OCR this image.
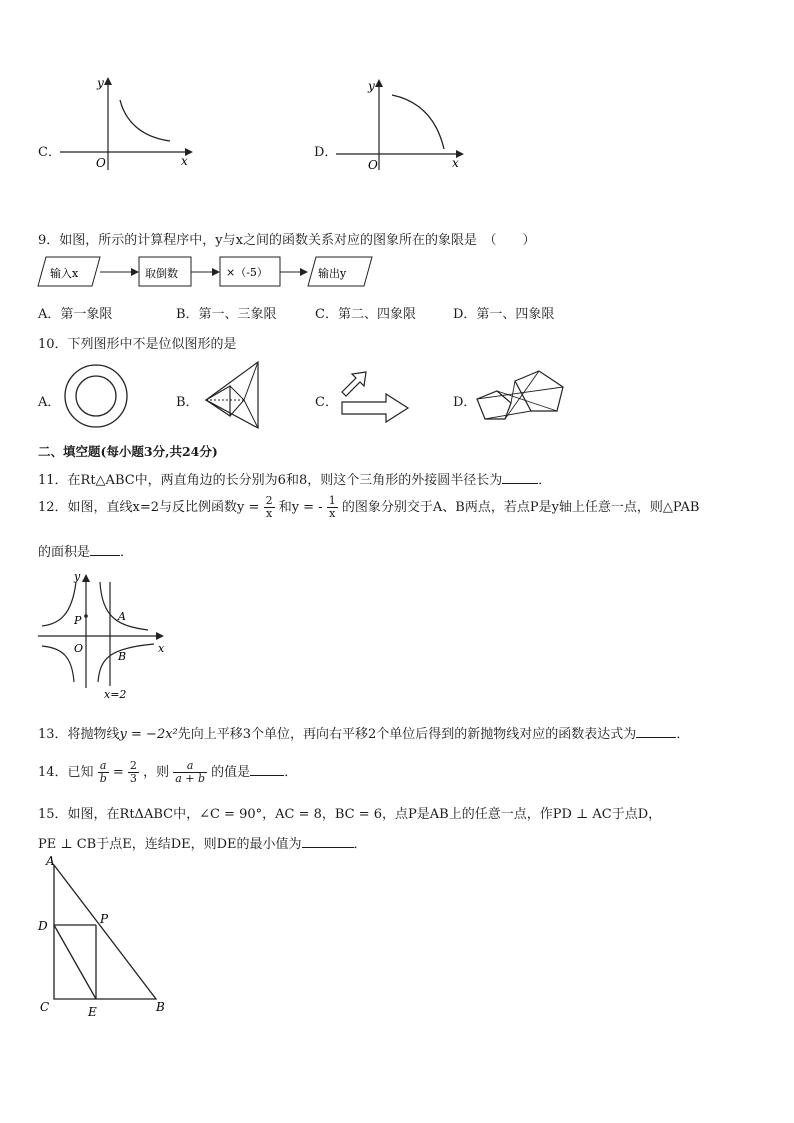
C．
y
x
O
D．
y
x
O
9．如图，所示的计算程序中，y与x之间的函数关系对应的图象所在的象限是　（　　）
输入x	取倒数	×（-5）	输出y
A．第一象限	B．第一、三象限	C．第二、四象限	D．第一、四象限
10．下列图形中不是位似图形的是
A．	B．	C．	D．
二、填空题(每小题3分,共24分)
11．在Rt△ABC中，两直角边的长分别为6和8，则这个三角形的外接圆半径长为	．
12．如图，直线x=2与反比例函数$y = \frac{2}{x}$ 和y = - $\frac{1}{x}$ 的图象分别交于A、B两点，若点P是y轴上任意一点，则△PAB
的面积是 ．
y
x
O
P	A
B
x=2
13．将抛物线y = −2x²先向上平移3个单位，再向右平移2个单位后得到的新抛物线对应的函数表达式为	．
14．已知 $\frac{a}{b} = \frac{2}{3}$ ，则 $\frac{a}{a + b}$ 的值是	．
15．如图，在RtΔABC中，∠C = 90°，AC = 8，BC = 6，点P是AB上的任意一点，作PD ⊥ AC于点D，
PE ⊥ CB于点E，连结DE，则DE的最小值为	．
A
D	P
C	E	B
